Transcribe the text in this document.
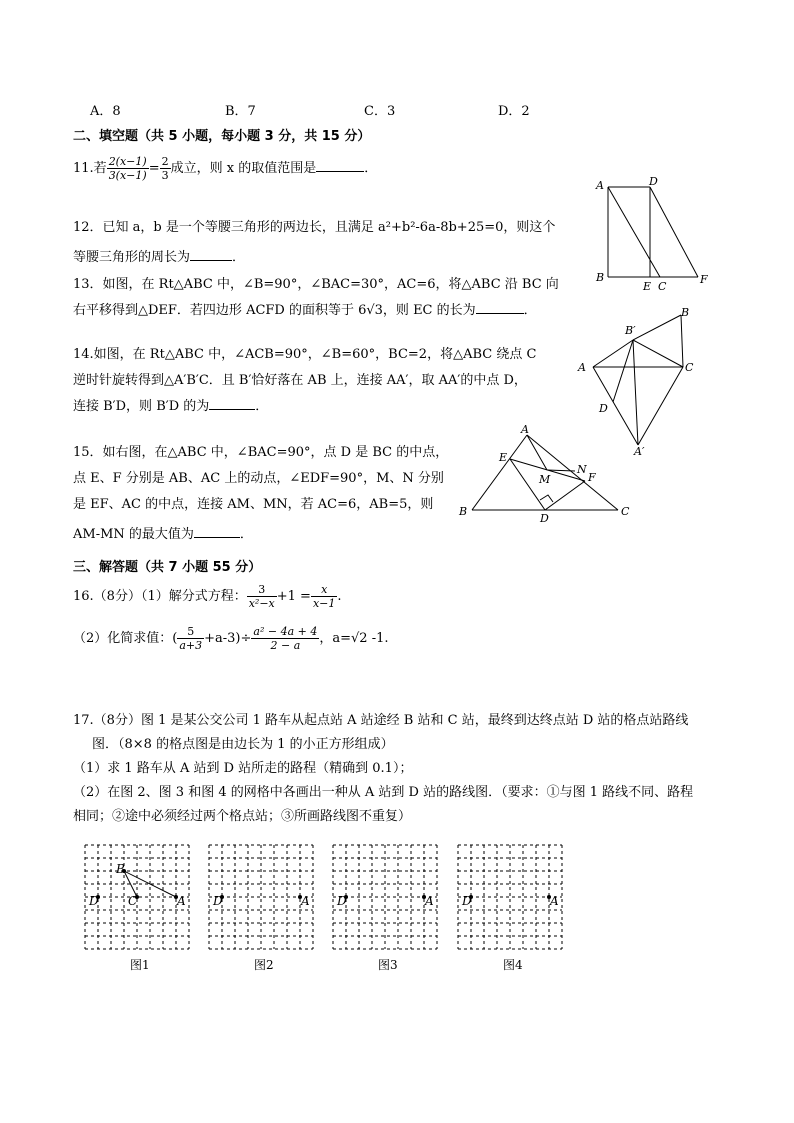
A．8	B．7	C．3	D．2
二、填空题（共 5 小题，每小题 3 分，共 15 分）
11.若 $\frac{2(x-1)}{3(x-1)} = \frac{2}{3}$ 成立，则 x 的取值范围是	．
12．已知 a，b 是一个等腰三角形的两边长，且满足 a²+b²-6a-8b+25=0，则这个
等腰三角形的周长为	．
13．如图，在 Rt△ABC 中，∠B=90°，∠BAC=30°，AC=6，将△ABC 沿 BC 向
右平移得到△DEF．若四边形 ACFD 的面积等于 6√3，则 EC 的长为	．
14.如图，在 Rt△ABC 中，∠ACB=90°，∠B=60°，BC=2，将△ABC 绕点 C
逆时针旋转得到△A′B′C．且 B′恰好落在 AB 上，连接 AA′，取 AA′的中点 D，
连接 B′D，则 B′D 的为	．
15．如右图，在△ABC 中，∠BAC=90°，点 D 是 BC 的中点，
点 E、F 分别是 AB、AC 上的动点，∠EDF=90°，M、N 分别
是 EF、AC 的中点，连接 AM、MN，若 AC=6，AB=5，则
AM-MN 的最大值为	．
三、解答题（共 7 小题 55 分）
16.（8分）（1）解分式方程： $\frac{3}{\text{x²−x}} +1 = \frac{x}{x-1}$ .
（2）化简求值：( $\frac{5}{a+3} +a-3)\div \frac{\text{a² − 4a + 4}}{2 - a}$ ，a=√2 -1.
17.（8分）图 1 是某公交公司 1 路车从起点站 A 站途经 B 站和 C 站，最终到达终点站 D 站的格点站路线
图．（8×8 的格点图是由边长为 1 的小正方形组成）
（1）求 1 路车从 A 站到 D 站所走的路程（精确到 0.1）；
（2）在图 2、图 3 和图 4 的网格中各画出一种从 A 站到 D 站的路线图．（要求：①与图 1 路线不同、路程
相同；②途中必须经过两个格点站；③所画路线图不重复）
A	D
B
E C
F
B′
B
A	C
D
A′
A
E
N
F
M
B
D
C
D	A
B
C
图1
D	A
图2
D	A
图3
D	A
图4
